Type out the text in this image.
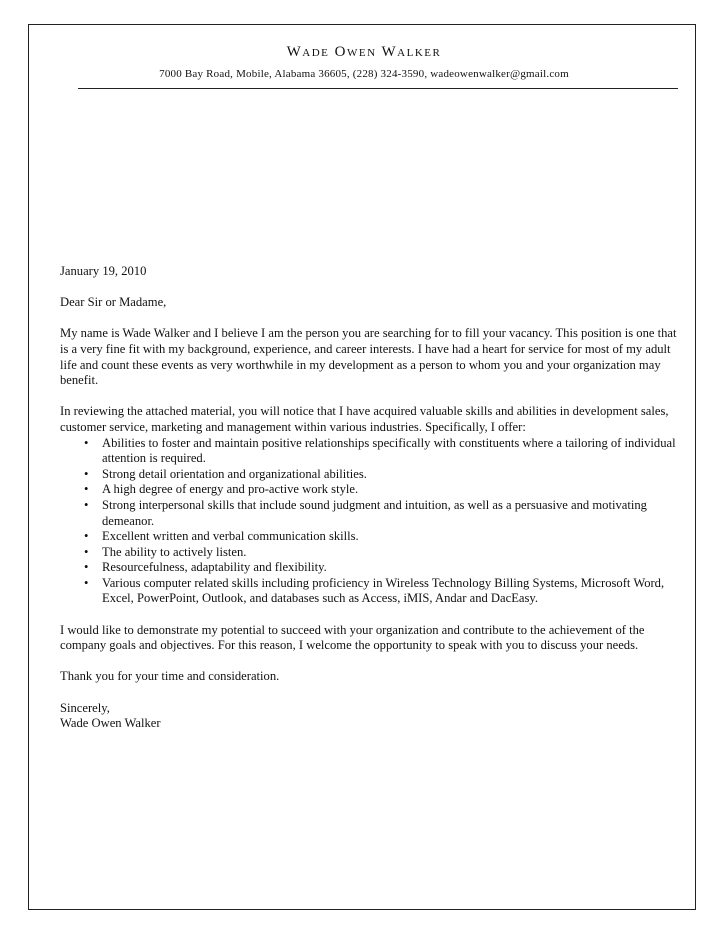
Wade Owen Walker
7000 Bay Road, Mobile, Alabama 36605, (228) 324-3590, wadeowenwalker@gmail.com

January 19, 2010

Dear Sir or Madame,

My name is Wade Walker and I believe I am the person you are searching for to fill your vacancy. This position is one that is a very fine fit with my background, experience, and career interests. I have had a heart for service for most of my adult life and count these events as very worthwhile in my development as a person to whom you and your organization may benefit.

In reviewing the attached material, you will notice that I have acquired valuable skills and abilities in development sales, customer service, marketing and management within various industries. Specifically, I offer:

• Abilities to foster and maintain positive relationships specifically with constituents where a tailoring of individual attention is required.
• Strong detail orientation and organizational abilities.
• A high degree of energy and pro-active work style.
• Strong interpersonal skills that include sound judgment and intuition, as well as a persuasive and motivating demeanor.
• Excellent written and verbal communication skills.
• The ability to actively listen.
• Resourcefulness, adaptability and flexibility.
• Various computer related skills including proficiency in Wireless Technology Billing Systems, Microsoft Word, Excel, PowerPoint, Outlook, and databases such as Access, iMIS, Andar and DacEasy.

I would like to demonstrate my potential to succeed with your organization and contribute to the achievement of the company goals and objectives. For this reason, I welcome the opportunity to speak with you to discuss your needs.

Thank you for your time and consideration.

Sincerely,
Wade Owen Walker
